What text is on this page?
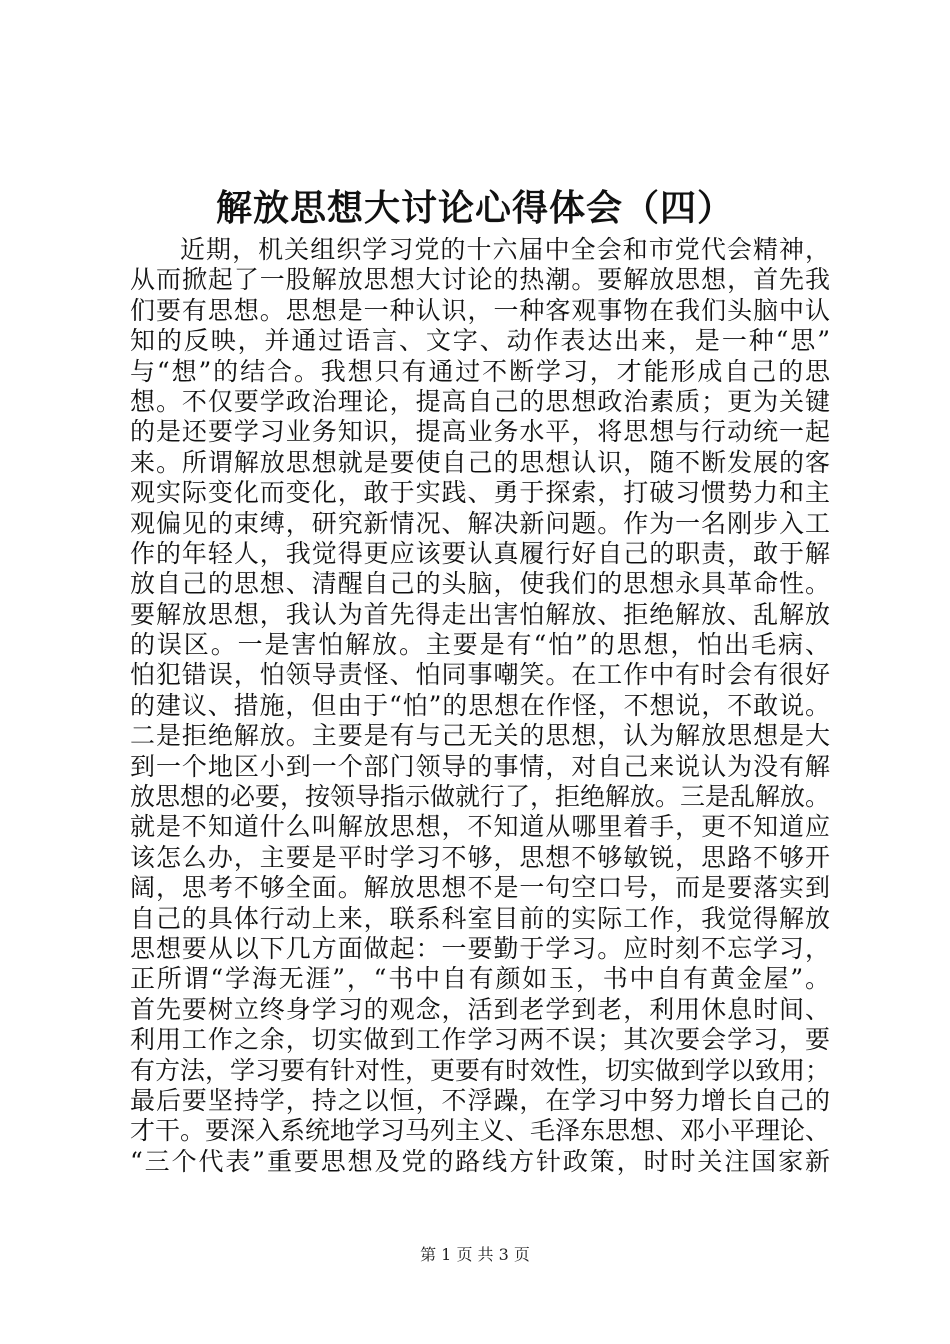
解放思想大讨论心得体会（四）
近期，机关组织学习党的十六届中全会和市党代会精神，
从而掀起了一股解放思想大讨论的热潮。要解放思想，首先我
们要有思想。思想是一种认识，一种客观事物在我们头脑中认
知的反映，并通过语言、文字、动作表达出来，是一种“思”
与“想”的结合。我想只有通过不断学习，才能形成自己的思
想。不仅要学政治理论，提高自己的思想政治素质；更为关键
的是还要学习业务知识，提高业务水平，将思想与行动统一起
来。所谓解放思想就是要使自己的思想认识，随不断发展的客
观实际变化而变化，敢于实践、勇于探索，打破习惯势力和主
观偏见的束缚，研究新情况、解决新问题。作为一名刚步入工
作的年轻人，我觉得更应该要认真履行好自己的职责，敢于解
放自己的思想、清醒自己的头脑，使我们的思想永具革命性。
要解放思想，我认为首先得走出害怕解放、拒绝解放、乱解放
的误区。一是害怕解放。主要是有“怕”的思想，怕出毛病、
怕犯错误，怕领导责怪、怕同事嘲笑。在工作中有时会有很好
的建议、措施，但由于“怕”的思想在作怪，不想说，不敢说。
二是拒绝解放。主要是有与己无关的思想，认为解放思想是大
到一个地区小到一个部门领导的事情，对自己来说认为没有解
放思想的必要，按领导指示做就行了，拒绝解放。三是乱解放。
就是不知道什么叫解放思想，不知道从哪里着手，更不知道应
该怎么办，主要是平时学习不够，思想不够敏锐，思路不够开
阔，思考不够全面。解放思想不是一句空口号，而是要落实到
自己的具体行动上来，联系科室目前的实际工作，我觉得解放
思想要从以下几方面做起：一要勤于学习。应时刻不忘学习，
正所谓“学海无涯”，“书中自有颜如玉，书中自有黄金屋”。
首先要树立终身学习的观念，活到老学到老，利用休息时间、
利用工作之余，切实做到工作学习两不误；其次要会学习，要
有方法，学习要有针对性，更要有时效性，切实做到学以致用；
最后要坚持学，持之以恒，不浮躁，在学习中努力增长自己的
才干。要深入系统地学习马列主义、毛泽东思想、邓小平理论、
“三个代表”重要思想及党的路线方针政策，时时关注国家新
第 1 页 共 3 页
